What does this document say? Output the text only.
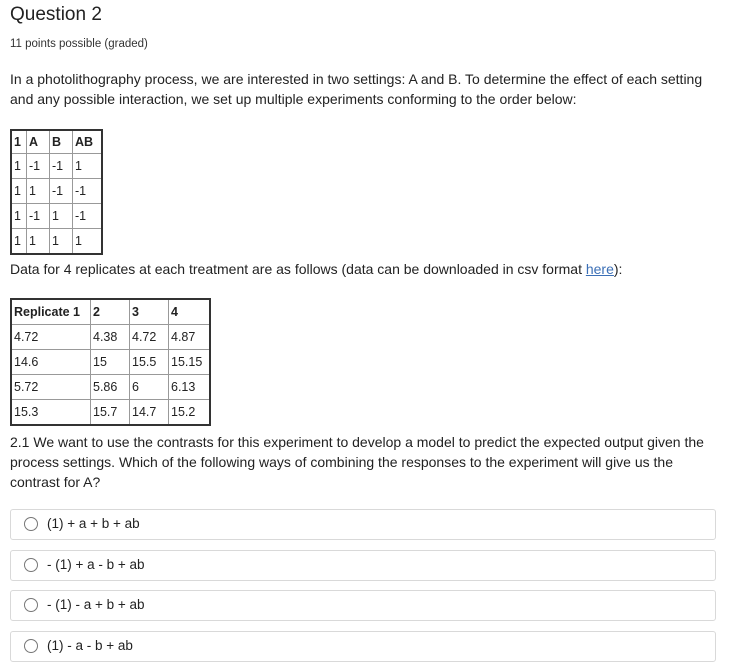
Question 2
11 points possible (graded)

In a photolithography process, we are interested in two settings: A and B. To determine the effect of each setting and any possible interaction, we set up multiple experiments conforming to the order below:

1	A	B	AB
1	-1	-1	1
1	1	-1	-1
1	-1	1	-1
1	1	1	1
Data for 4 replicates at each treatment are as follows (data can be downloaded in csv format here):
Replicate 1	2	3	4
4.72	4.38	4.72	4.87
14.6	15	15.5	15.15
5.72	5.86	6	6.13
15.3	15.7	14.7	15.2

2.1 We want to use the contrasts for this experiment to develop a model to predict the expected output given the process settings. Which of the following ways of combining the responses to the experiment will give us the contrast for A?

(1) + a + b + ab
- (1) + a - b + ab
- (1) - a + b + ab
(1) - a - b + ab
